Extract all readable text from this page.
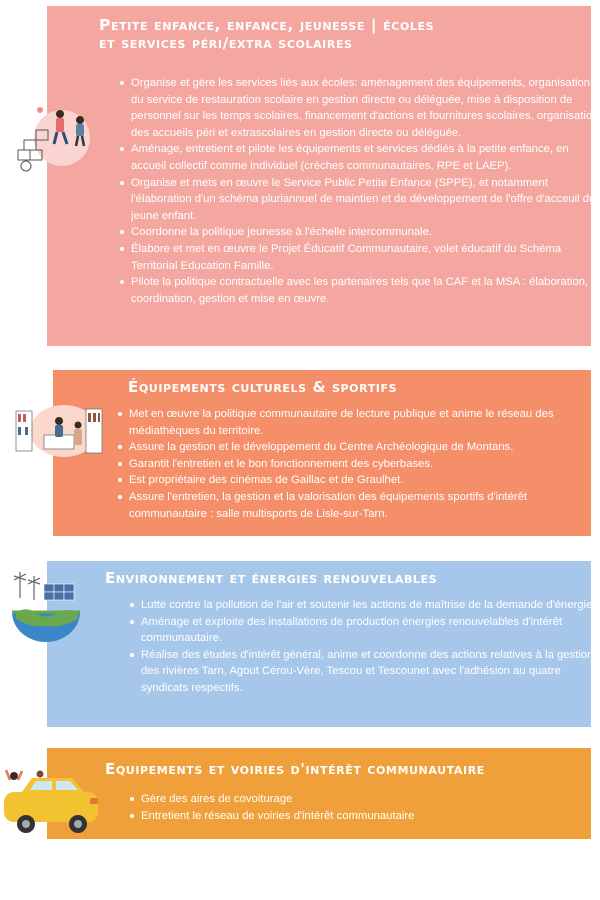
Petite enfance, enfance, jeunesse | écoles
et services péri/extra scolaires
Organise et gère les services liés aux écoles: aménagement des équipements, organisation du service de restauration scolaire en gestion directe ou déléguée, mise à disposition de personnel sur les temps scolaires, financement d'actions et fournitures scolaires, organisation des accueils péri et extrascolaires en gestion directe ou déléguée.
Aménage, entretient et pilote les équipements et services dédiés à la petite enfance, en accueil collectif comme individuel (crèches communautaires, RPE et LAEP).
Organise et mets en œuvre le Service Public Petite Enfance (SPPE), et notamment l'élaboration d'un schéma pluriannuel de maintien et de développement de l'offre d'acceuil du jeune enfant.
Coordonne la politique jeunesse à l'échelle intercommunale.
Élabore et met en œuvre le Projet Éducatif Communautaire, volet éducatif du Schéma Territorial Education Famille.
Pilote la politique contractuelle avec les partenaires tels que la CAF et la MSA : élaboration, coordination, gestion et mise en œuvre.
Équipements culturels & sportifs
Met en œuvre la politique communautaire de lecture publique et anime le réseau des médiathèques du territoire.
Assure la gestion et le développement du Centre Archéologique de Montans.
Garantit l'entretien et le bon fonctionnement des cyberbases.
Est propriétaire des cinémas de Gaillac et de Graulhet.
Assure l'entretien, la gestion et la valorisation des équipements sportifs d'intérêt communautaire : salle multisports de Lisle-sur-Tarn.
Environnement et énergies renouvelables
Lutte contre la pollution de l'air et soutenir les actions de maîtrise de la demande d'énergie.
Aménage et exploite des installations de production énergies renouvelables d'intérêt communautaire.
Réalise des études d'intérêt général, anime et coordonne des actions relatives à la gestion des rivières Tarn, Agout Cérou-Vère, Tescou et Tescounet avec l'adhésion au quatre syndicats respectifs.
Equipements et voiries d'intérêt communautaire
Gère des aires de covoiturage
Entretient le réseau de voiries d'intérêt communautaire
